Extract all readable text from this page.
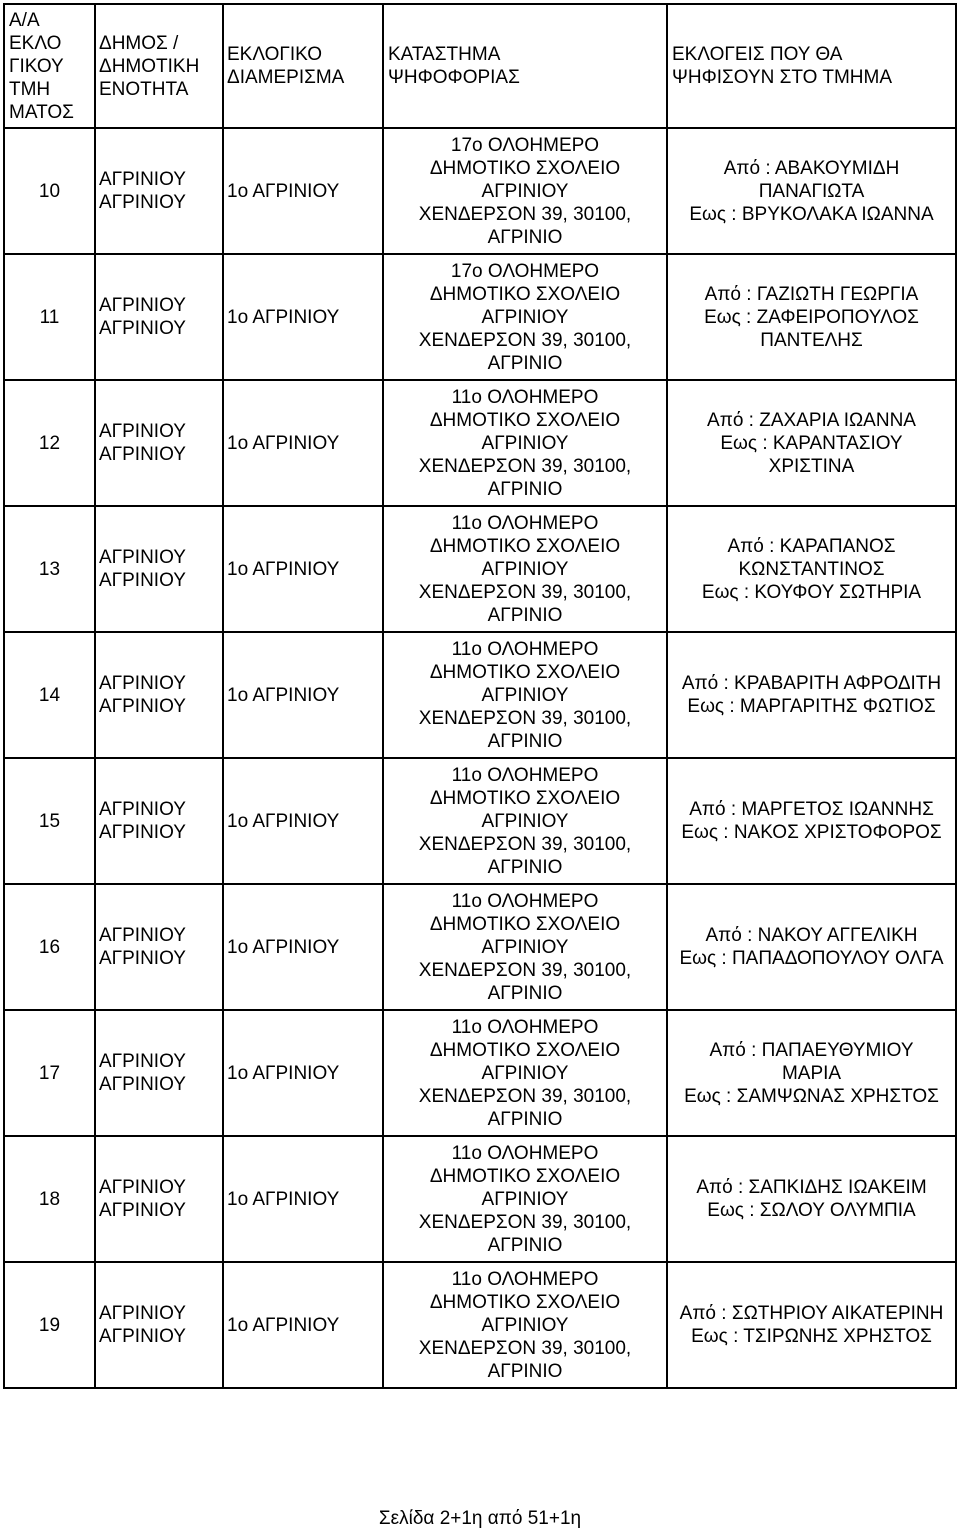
Α/Α
ΕΚΛΟ
ΓΙΚΟΥ
ΤΜΗ
ΜΑΤΟΣ	ΔΗΜΟΣ /
ΔΗΜΟΤΙΚΗ
ΕΝΟΤΗΤΑ	ΕΚΛΟΓΙΚΟ
ΔΙΑΜΕΡΙΣΜΑ	ΚΑΤΑΣΤΗΜΑ
ΨΗΦΟΦΟΡΙΑΣ	ΕΚΛΟΓΕΙΣ ΠΟΥ ΘΑ
ΨΗΦΙΣΟΥΝ ΣΤΟ ΤΜΗΜΑ

10	ΑΓΡΙΝΙΟΥ
ΑΓΡΙΝΙΟΥ	1ο ΑΓΡΙΝΙΟΥ	17ο ΟΛΟΗΜΕΡΟ
ΔΗΜΟΤΙΚΟ ΣΧΟΛΕΙΟ
ΑΓΡΙΝΙΟΥ
ΧΕΝΔΕΡΣΟΝ 39, 30100,
ΑΓΡΙΝΙΟ	Από : ΑΒΑΚΟΥΜΙΔΗ
ΠΑΝΑΓΙΩΤΑ
Εως : ΒΡΥΚΟΛΑΚΑ ΙΩΑΝΝΑ

11	ΑΓΡΙΝΙΟΥ
ΑΓΡΙΝΙΟΥ	1ο ΑΓΡΙΝΙΟΥ	17ο ΟΛΟΗΜΕΡΟ
ΔΗΜΟΤΙΚΟ ΣΧΟΛΕΙΟ
ΑΓΡΙΝΙΟΥ
ΧΕΝΔΕΡΣΟΝ 39, 30100,
ΑΓΡΙΝΙΟ	Από : ΓΑΖΙΩΤΗ ΓΕΩΡΓΙΑ
Εως : ΖΑΦΕΙΡΟΠΟΥΛΟΣ
ΠΑΝΤΕΛΗΣ

12	ΑΓΡΙΝΙΟΥ
ΑΓΡΙΝΙΟΥ	1ο ΑΓΡΙΝΙΟΥ	11ο ΟΛΟΗΜΕΡΟ
ΔΗΜΟΤΙΚΟ ΣΧΟΛΕΙΟ
ΑΓΡΙΝΙΟΥ
ΧΕΝΔΕΡΣΟΝ 39, 30100,
ΑΓΡΙΝΙΟ	Από : ΖΑΧΑΡΙΑ ΙΩΑΝΝΑ
Εως : ΚΑΡΑΝΤΑΣΙΟΥ
ΧΡΙΣΤΙΝΑ

13	ΑΓΡΙΝΙΟΥ
ΑΓΡΙΝΙΟΥ	1ο ΑΓΡΙΝΙΟΥ	11ο ΟΛΟΗΜΕΡΟ
ΔΗΜΟΤΙΚΟ ΣΧΟΛΕΙΟ
ΑΓΡΙΝΙΟΥ
ΧΕΝΔΕΡΣΟΝ 39, 30100,
ΑΓΡΙΝΙΟ	Από : ΚΑΡΑΠΑΝΟΣ
ΚΩΝΣΤΑΝΤΙΝΟΣ
Εως : ΚΟΥΦΟΥ ΣΩΤΗΡΙΑ

14	ΑΓΡΙΝΙΟΥ
ΑΓΡΙΝΙΟΥ	1ο ΑΓΡΙΝΙΟΥ	11ο ΟΛΟΗΜΕΡΟ
ΔΗΜΟΤΙΚΟ ΣΧΟΛΕΙΟ
ΑΓΡΙΝΙΟΥ
ΧΕΝΔΕΡΣΟΝ 39, 30100,
ΑΓΡΙΝΙΟ	Από : ΚΡΑΒΑΡΙΤΗ ΑΦΡΟΔΙΤΗ
Εως : ΜΑΡΓΑΡΙΤΗΣ ΦΩΤΙΟΣ

15	ΑΓΡΙΝΙΟΥ
ΑΓΡΙΝΙΟΥ	1ο ΑΓΡΙΝΙΟΥ	11ο ΟΛΟΗΜΕΡΟ
ΔΗΜΟΤΙΚΟ ΣΧΟΛΕΙΟ
ΑΓΡΙΝΙΟΥ
ΧΕΝΔΕΡΣΟΝ 39, 30100,
ΑΓΡΙΝΙΟ	Από : ΜΑΡΓΕΤΟΣ ΙΩΑΝΝΗΣ
Εως : ΝΑΚΟΣ ΧΡΙΣΤΟΦΟΡΟΣ

16	ΑΓΡΙΝΙΟΥ
ΑΓΡΙΝΙΟΥ	1ο ΑΓΡΙΝΙΟΥ	11ο ΟΛΟΗΜΕΡΟ
ΔΗΜΟΤΙΚΟ ΣΧΟΛΕΙΟ
ΑΓΡΙΝΙΟΥ
ΧΕΝΔΕΡΣΟΝ 39, 30100,
ΑΓΡΙΝΙΟ	Από : ΝΑΚΟΥ ΑΓΓΕΛΙΚΗ
Εως : ΠΑΠΑΔΟΠΟΥΛΟΥ ΟΛΓΑ

17	ΑΓΡΙΝΙΟΥ
ΑΓΡΙΝΙΟΥ	1ο ΑΓΡΙΝΙΟΥ	11ο ΟΛΟΗΜΕΡΟ
ΔΗΜΟΤΙΚΟ ΣΧΟΛΕΙΟ
ΑΓΡΙΝΙΟΥ
ΧΕΝΔΕΡΣΟΝ 39, 30100,
ΑΓΡΙΝΙΟ	Από : ΠΑΠΑΕΥΘΥΜΙΟΥ
ΜΑΡΙΑ
Εως : ΣΑΜΨΩΝΑΣ ΧΡΗΣΤΟΣ

18	ΑΓΡΙΝΙΟΥ
ΑΓΡΙΝΙΟΥ	1ο ΑΓΡΙΝΙΟΥ	11ο ΟΛΟΗΜΕΡΟ
ΔΗΜΟΤΙΚΟ ΣΧΟΛΕΙΟ
ΑΓΡΙΝΙΟΥ
ΧΕΝΔΕΡΣΟΝ 39, 30100,
ΑΓΡΙΝΙΟ	Από : ΣΑΠΚΙΔΗΣ ΙΩΑΚΕΙΜ
Εως : ΣΩΛΟΥ ΟΛΥΜΠΙΑ

19	ΑΓΡΙΝΙΟΥ
ΑΓΡΙΝΙΟΥ	1ο ΑΓΡΙΝΙΟΥ	11ο ΟΛΟΗΜΕΡΟ
ΔΗΜΟΤΙΚΟ ΣΧΟΛΕΙΟ
ΑΓΡΙΝΙΟΥ
ΧΕΝΔΕΡΣΟΝ 39, 30100,
ΑΓΡΙΝΙΟ	Από : ΣΩΤΗΡΙΟΥ ΑΙΚΑΤΕΡΙΝΗ
Εως : ΤΣΙΡΩΝΗΣ ΧΡΗΣΤΟΣ
Σελίδα 2+1η από 51+1η
